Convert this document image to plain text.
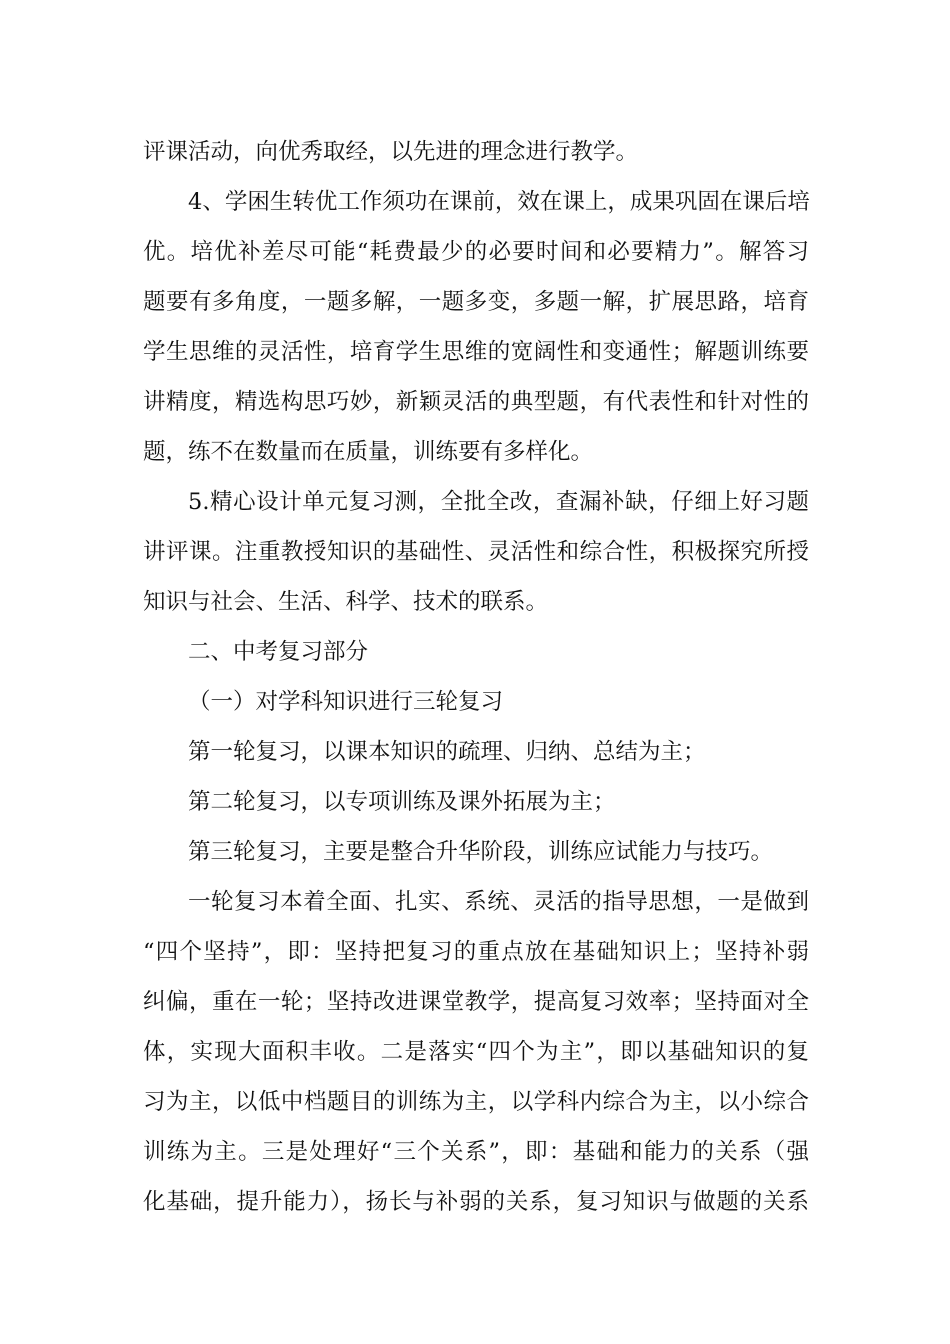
评课活动，向优秀取经，以先进的理念进行教学。
4、学困生转优工作须功在课前，效在课上，成果巩固在课后培
优。培优补差尽可能“耗费最少的必要时间和必要精力”。解答习
题要有多角度，一题多解，一题多变，多题一解，扩展思路，培育
学生思维的灵活性，培育学生思维的宽阔性和变通性；解题训练要
讲精度，精选构思巧妙，新颖灵活的典型题，有代表性和针对性的
题，练不在数量而在质量，训练要有多样化。
5.精心设计单元复习测，全批全改，查漏补缺，仔细上好习题
讲评课。注重教授知识的基础性、灵活性和综合性，积极探究所授
知识与社会、生活、科学、技术的联系。
二、中考复习部分
（一）对学科知识进行三轮复习
第一轮复习，以课本知识的疏理、归纳、总结为主；
第二轮复习，以专项训练及课外拓展为主；
第三轮复习，主要是整合升华阶段，训练应试能力与技巧。
一轮复习本着全面、扎实、系统、灵活的指导思想，一是做到
“四个坚持”，即：坚持把复习的重点放在基础知识上；坚持补弱
纠偏，重在一轮；坚持改进课堂教学，提高复习效率；坚持面对全
体，实现大面积丰收。二是落实“四个为主”，即以基础知识的复
习为主，以低中档题目的训练为主，以学科内综合为主，以小综合
训练为主。三是处理好“三个关系”，即：基础和能力的关系（强
化基础，提升能力），扬长与补弱的关系，复习知识与做题的关系
